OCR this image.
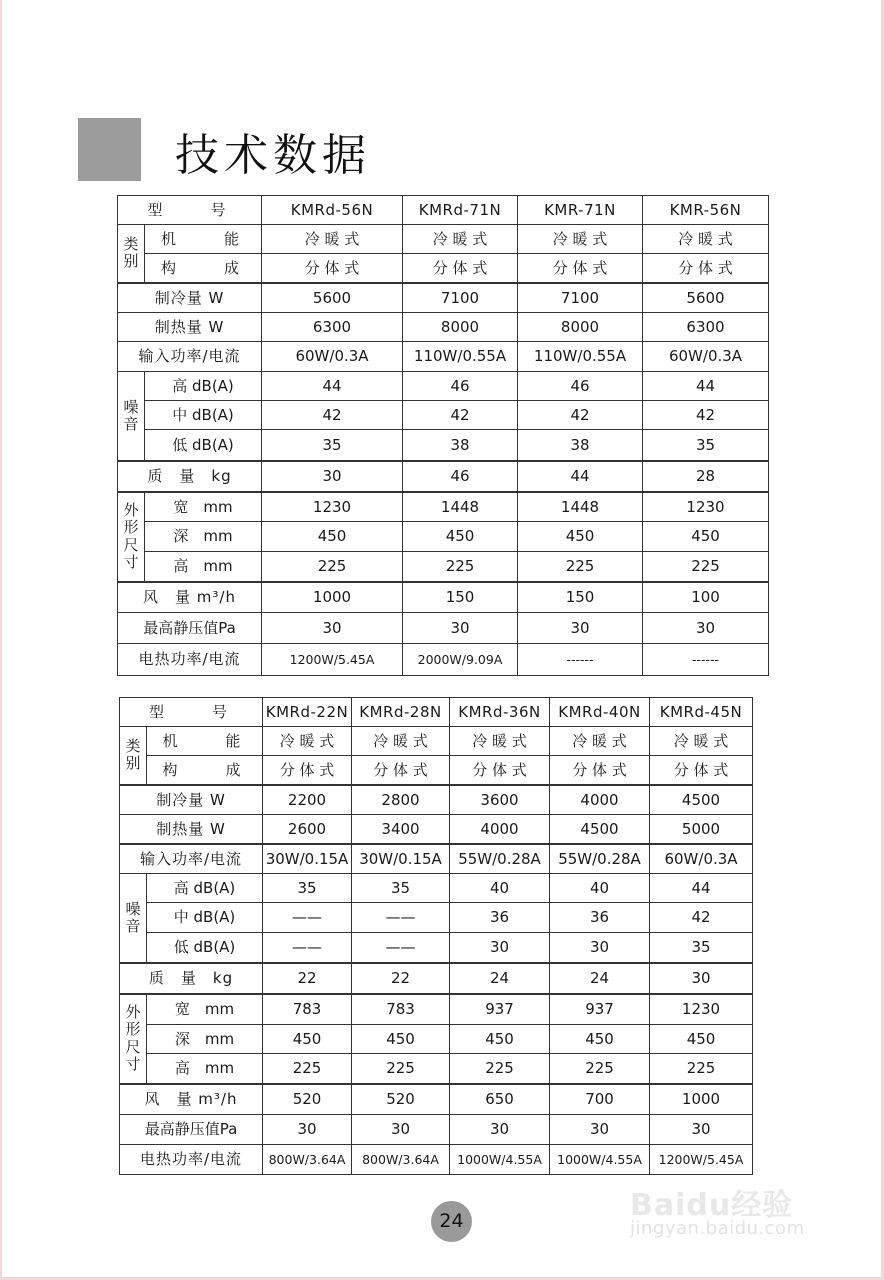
技术数据
型　　号		KMRd-56N	KMRd-71N	KMR-71N	KMR-56N
类别	机　　能	冷 暖 式	冷 暖 式	冷 暖 式	冷 暖 式
	构　　成	分 体 式	分 体 式	分 体 式	分 体 式
制冷量 W		5600	7100	7100	5600
制热量 W		6300	8000	8000	6300
输入功率/电流		60W/0.3A	110W/0.55A	110W/0.55A	60W/0.3A
噪音	高 dB(A)	44	46	46	44
	中 dB(A)	42	42	42	42
	低 dB(A)	35	38	38	35
质　量　kg		30	46	44	28
外形尺寸	宽　mm	1230	1448	1448	1230
	深　mm	450	450	450	450
	高　mm	225	225	225	225
风　量 m³/h		1000	150	150	100
最高静压值Pa		30	30	30	30
电热功率/电流		1200W/5.45A	2000W/9.09A	------	------
型　　号		KMRd-22N	KMRd-28N	KMRd-36N	KMRd-40N	KMRd-45N
类别	机　　能	冷 暖 式	冷 暖 式	冷 暖 式	冷 暖 式	冷 暖 式
	构　　成	分 体 式	分 体 式	分 体 式	分 体 式	分 体 式
制冷量 W		2200	2800	3600	4000	4500
制热量 W		2600	3400	4000	4500	5000
输入功率/电流		30W/0.15A	30W/0.15A	55W/0.28A	55W/0.28A	60W/0.3A
噪音	高 dB(A)	35	35	40	40	44
	中 dB(A)	——	——	36	36	42
	低 dB(A)	——	——	30	30	35
质　量　kg		22	22	24	24	30
外形尺寸	宽　mm	783	783	937	937	1230
	深　mm	450	450	450	450	450
	高　mm	225	225	225	225	225
风　量 m³/h		520	520	650	700	1000
最高静压值Pa		30	30	30	30	30
电热功率/电流		800W/3.64A	800W/3.64A	1000W/4.55A	1000W/4.55A	1200W/5.45A
24	Baidu经验
jingyan.baidu.com
